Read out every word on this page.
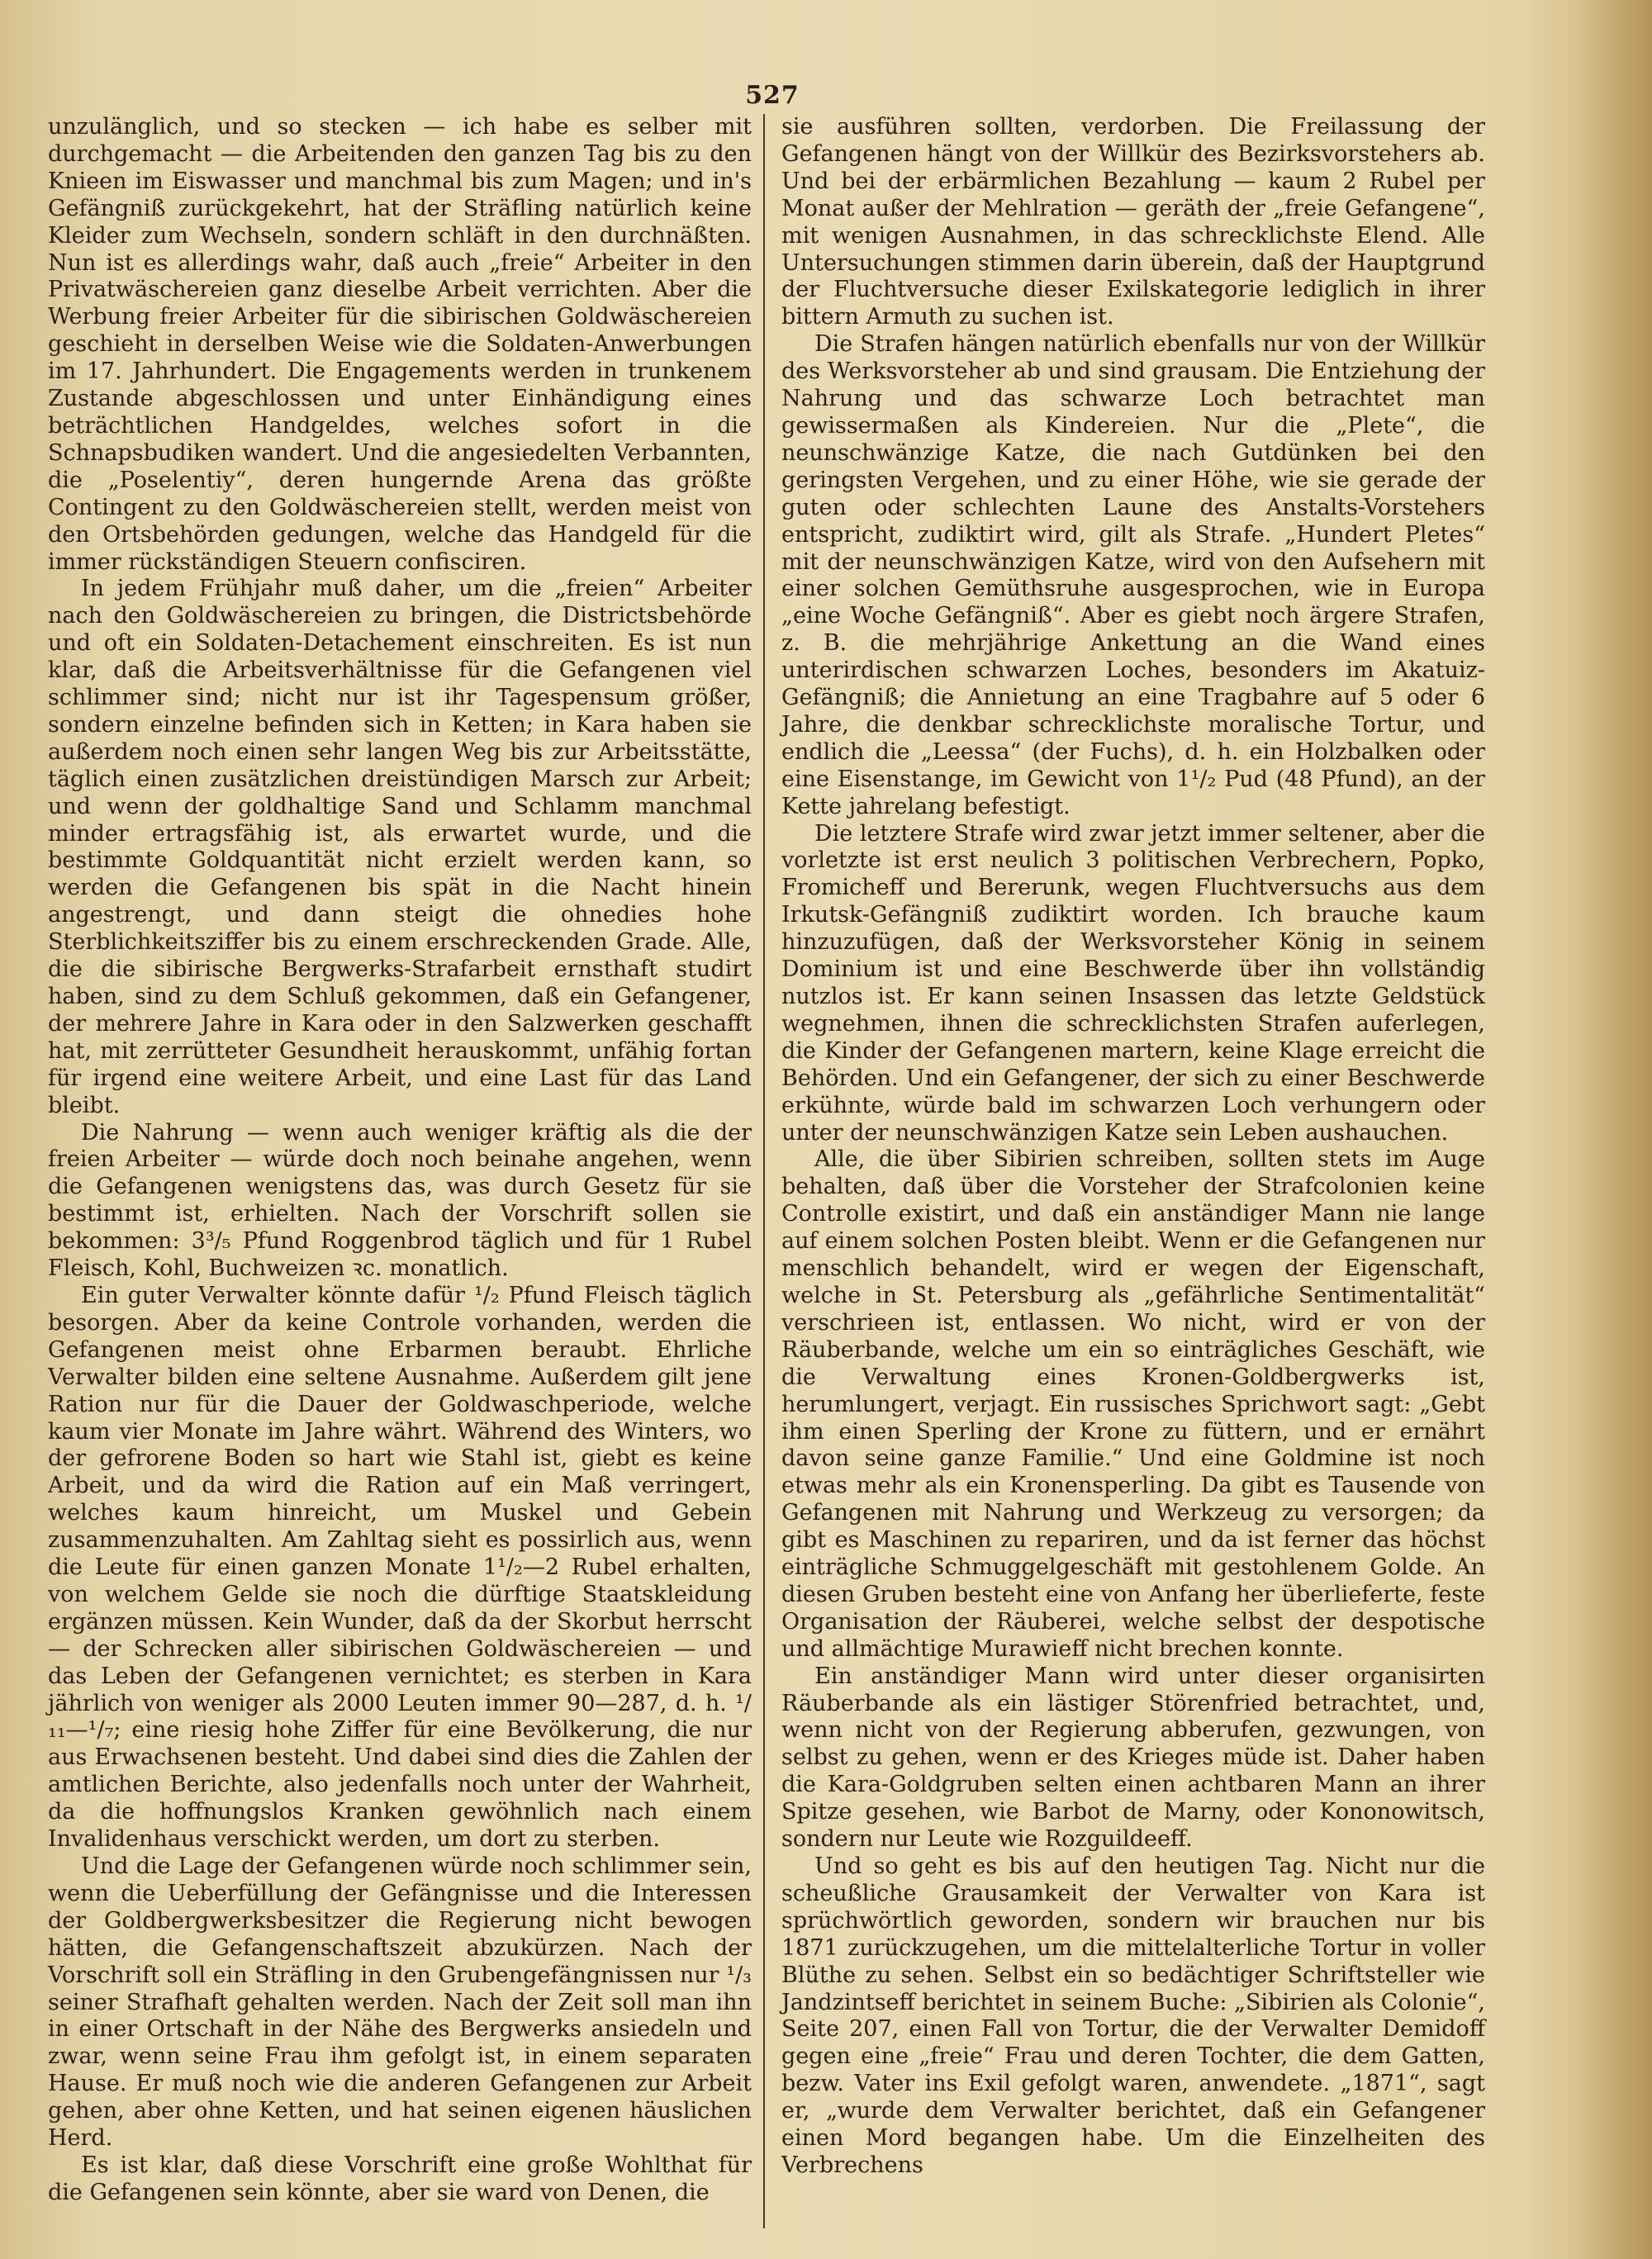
527

unzulänglich, und so stecken — ich habe es selber mit durchgemacht — die Arbeitenden den ganzen Tag bis zu den Knieen im Eiswasser und manchmal bis zum Magen; und in's Gefängniß zurückgekehrt, hat der Sträfling natürlich keine Kleider zum Wechseln, sondern schläft in den durchnäßten. Nun ist es allerdings wahr, daß auch „freie“ Arbeiter in den Privatwäschereien ganz dieselbe Arbeit verrichten. Aber die Werbung freier Arbeiter für die sibirischen Goldwäschereien geschieht in derselben Weise wie die Soldaten-Anwerbungen im 17. Jahrhundert. Die Engagements werden in trunkenem Zustande abgeschlossen und unter Einhändigung eines beträchtlichen Handgeldes, welches sofort in die Schnapsbudiken wandert. Und die angesiedelten Verbannten, die „Poselentiy“, deren hungernde Arena das größte Contingent zu den Goldwäschereien stellt, werden meist von den Ortsbehörden gedungen, welche das Handgeld für die immer rückständigen Steuern confisciren.

In jedem Frühjahr muß daher, um die „freien“ Arbeiter nach den Goldwäschereien zu bringen, die Districtsbehörde und oft ein Soldaten-Detachement einschreiten. Es ist nun klar, daß die Arbeitsverhältnisse für die Gefangenen viel schlimmer sind; nicht nur ist ihr Tagespensum größer, sondern einzelne befinden sich in Ketten; in Kara haben sie außerdem noch einen sehr langen Weg bis zur Arbeitsstätte, täglich einen zusätzlichen dreistündigen Marsch zur Arbeit; und wenn der goldhaltige Sand und Schlamm manchmal minder ertragsfähig ist, als erwartet wurde, und die bestimmte Goldquantität nicht erzielt werden kann, so werden die Gefangenen bis spät in die Nacht hinein angestrengt, und dann steigt die ohnedies hohe Sterblichkeitsziffer bis zu einem erschreckenden Grade. Alle, die die sibirische Bergwerks-Strafarbeit ernsthaft studirt haben, sind zu dem Schluß gekommen, daß ein Gefangener, der mehrere Jahre in Kara oder in den Salzwerken geschafft hat, mit zerrütteter Gesundheit herauskommt, unfähig fortan für irgend eine weitere Arbeit, und eine Last für das Land bleibt.

Die Nahrung — wenn auch weniger kräftig als die der freien Arbeiter — würde doch noch beinahe angehen, wenn die Gefangenen wenigstens das, was durch Gesetz für sie bestimmt ist, erhielten. Nach der Vorschrift sollen sie bekommen: 3³/₅ Pfund Roggenbrod täglich und für 1 Rubel Fleisch, Kohl, Buchweizen ꝛc. monatlich.

Ein guter Verwalter könnte dafür ¹/₂ Pfund Fleisch täglich besorgen. Aber da keine Controle vorhanden, werden die Gefangenen meist ohne Erbarmen beraubt. Ehrliche Verwalter bilden eine seltene Ausnahme. Außerdem gilt jene Ration nur für die Dauer der Goldwaschperiode, welche kaum vier Monate im Jahre währt. Während des Winters, wo der gefrorene Boden so hart wie Stahl ist, giebt es keine Arbeit, und da wird die Ration auf ein Maß verringert, welches kaum hinreicht, um Muskel und Gebein zusammenzuhalten. Am Zahltag sieht es possirlich aus, wenn die Leute für einen ganzen Monate 1¹/₂—2 Rubel erhalten, von welchem Gelde sie noch die dürftige Staatskleidung ergänzen müssen. Kein Wunder, daß da der Skorbut herrscht — der Schrecken aller sibirischen Goldwäschereien — und das Leben der Gefangenen vernichtet; es sterben in Kara jährlich von weniger als 2000 Leuten immer 90—287, d. h. ¹/₁₁—¹/₇; eine riesig hohe Ziffer für eine Bevölkerung, die nur aus Erwachsenen besteht. Und dabei sind dies die Zahlen der amtlichen Berichte, also jedenfalls noch unter der Wahrheit, da die hoffnungslos Kranken gewöhnlich nach einem Invalidenhaus verschickt werden, um dort zu sterben.

Und die Lage der Gefangenen würde noch schlimmer sein, wenn die Ueberfüllung der Gefängnisse und die Interessen der Goldbergwerksbesitzer die Regierung nicht bewogen hätten, die Gefangenschaftszeit abzukürzen. Nach der Vorschrift soll ein Sträfling in den Grubengefängnissen nur ¹/₃ seiner Strafhaft gehalten werden. Nach der Zeit soll man ihn in einer Ortschaft in der Nähe des Bergwerks ansiedeln und zwar, wenn seine Frau ihm gefolgt ist, in einem separaten Hause. Er muß noch wie die anderen Gefangenen zur Arbeit gehen, aber ohne Ketten, und hat seinen eigenen häuslichen Herd.

Es ist klar, daß diese Vorschrift eine große Wohlthat für die Gefangenen sein könnte, aber sie ward von Denen, die

sie ausführen sollten, verdorben. Die Freilassung der Gefangenen hängt von der Willkür des Bezirksvorstehers ab. Und bei der erbärmlichen Bezahlung — kaum 2 Rubel per Monat außer der Mehlration — geräth der „freie Gefangene“, mit wenigen Ausnahmen, in das schrecklichste Elend. Alle Untersuchungen stimmen darin überein, daß der Hauptgrund der Fluchtversuche dieser Exilskategorie lediglich in ihrer bittern Armuth zu suchen ist.

Die Strafen hängen natürlich ebenfalls nur von der Willkür des Werksvorsteher ab und sind grausam. Die Entziehung der Nahrung und das schwarze Loch betrachtet man gewissermaßen als Kindereien. Nur die „Plete“, die neunschwänzige Katze, die nach Gutdünken bei den geringsten Vergehen, und zu einer Höhe, wie sie gerade der guten oder schlechten Laune des Anstalts-Vorstehers entspricht, zudiktirt wird, gilt als Strafe. „Hundert Pletes“ mit der neunschwänzigen Katze, wird von den Aufsehern mit einer solchen Gemüthsruhe ausgesprochen, wie in Europa „eine Woche Gefängniß“. Aber es giebt noch ärgere Strafen, z. B. die mehrjährige Ankettung an die Wand eines unterirdischen schwarzen Loches, besonders im Akatuiz-Gefängniß; die Annietung an eine Tragbahre auf 5 oder 6 Jahre, die denkbar schrecklichste moralische Tortur, und endlich die „Leessa“ (der Fuchs), d. h. ein Holzbalken oder eine Eisenstange, im Gewicht von 1¹/₂ Pud (48 Pfund), an der Kette jahrelang befestigt.

Die letztere Strafe wird zwar jetzt immer seltener, aber die vorletzte ist erst neulich 3 politischen Verbrechern, Popko, Fromicheff und Bererunk, wegen Fluchtversuchs aus dem Irkutsk-Gefängniß zudiktirt worden. Ich brauche kaum hinzuzufügen, daß der Werksvorsteher König in seinem Dominium ist und eine Beschwerde über ihn vollständig nutzlos ist. Er kann seinen Insassen das letzte Geldstück wegnehmen, ihnen die schrecklichsten Strafen auferlegen, die Kinder der Gefangenen martern, keine Klage erreicht die Behörden. Und ein Gefangener, der sich zu einer Beschwerde erkühnte, würde bald im schwarzen Loch verhungern oder unter der neunschwänzigen Katze sein Leben aushauchen.

Alle, die über Sibirien schreiben, sollten stets im Auge behalten, daß über die Vorsteher der Strafcolonien keine Controlle existirt, und daß ein anständiger Mann nie lange auf einem solchen Posten bleibt. Wenn er die Gefangenen nur menschlich behandelt, wird er wegen der Eigenschaft, welche in St. Petersburg als „gefährliche Sentimentalität“ verschrieen ist, entlassen. Wo nicht, wird er von der Räuberbande, welche um ein so einträgliches Geschäft, wie die Verwaltung eines Kronen-Goldbergwerks ist, herumlungert, verjagt. Ein russisches Sprichwort sagt: „Gebt ihm einen Sperling der Krone zu füttern, und er ernährt davon seine ganze Familie.“ Und eine Goldmine ist noch etwas mehr als ein Kronensperling. Da gibt es Tausende von Gefangenen mit Nahrung und Werkzeug zu versorgen; da gibt es Maschinen zu repariren, und da ist ferner das höchst einträgliche Schmuggelgeschäft mit gestohlenem Golde. An diesen Gruben besteht eine von Anfang her überlieferte, feste Organisation der Räuberei, welche selbst der despotische und allmächtige Murawieff nicht brechen konnte.

Ein anständiger Mann wird unter dieser organisirten Räuberbande als ein lästiger Störenfried betrachtet, und, wenn nicht von der Regierung abberufen, gezwungen, von selbst zu gehen, wenn er des Krieges müde ist. Daher haben die Kara-Goldgruben selten einen achtbaren Mann an ihrer Spitze gesehen, wie Barbot de Marny, oder Kononowitsch, sondern nur Leute wie Rozguildeeff.

Und so geht es bis auf den heutigen Tag. Nicht nur die scheußliche Grausamkeit der Verwalter von Kara ist sprüchwörtlich geworden, sondern wir brauchen nur bis 1871 zurückzugehen, um die mittelalterliche Tortur in voller Blüthe zu sehen. Selbst ein so bedächtiger Schriftsteller wie Jandzintseff berichtet in seinem Buche: „Sibirien als Colonie“, Seite 207, einen Fall von Tortur, die der Verwalter Demidoff gegen eine „freie“ Frau und deren Tochter, die dem Gatten, bezw. Vater ins Exil gefolgt waren, anwendete. „1871“, sagt er, „wurde dem Verwalter berichtet, daß ein Gefangener einen Mord begangen habe. Um die Einzelheiten des Verbrechens
